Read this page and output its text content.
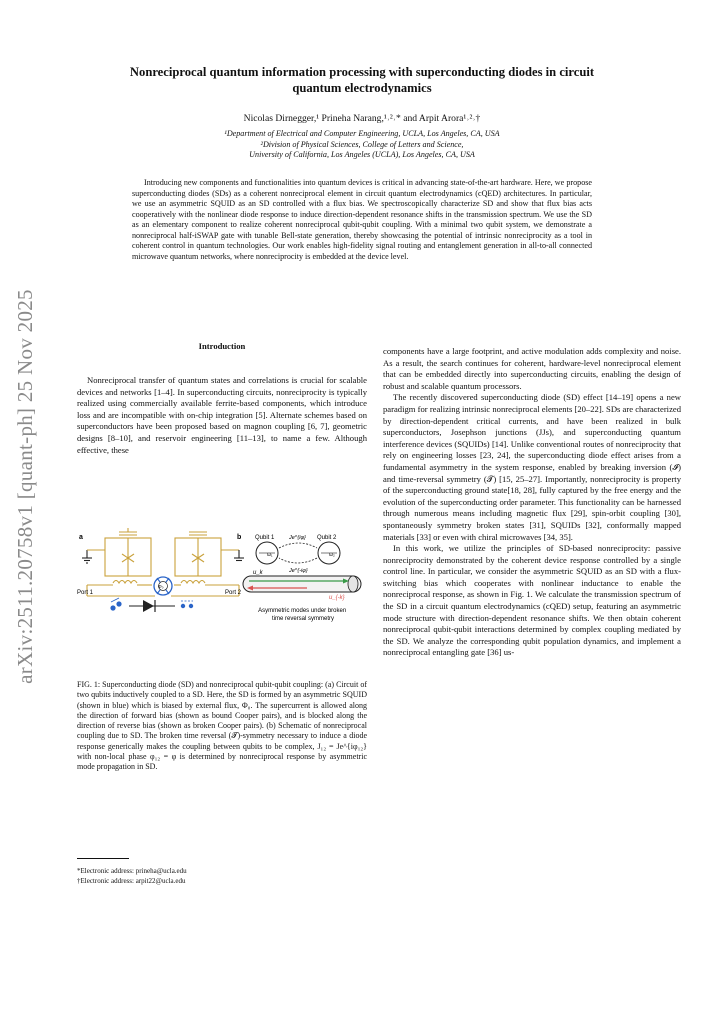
arXiv:2511.20758v1 [quant-ph] 25 Nov 2025
Nonreciprocal quantum information processing with superconducting diodes in circuit
quantum electrodynamics
Nicolas Dirnegger,¹ Prineha Narang,¹˒²˒* and Arpit Arora¹˒²˒†
¹Department of Electrical and Computer Engineering, UCLA, Los Angeles, CA, USA
²Division of Physical Sciences, College of Letters and Science,
University of California, Los Angeles (UCLA), Los Angeles, CA, USA
Introducing new components and functionalities into quantum devices is critical in advancing state-of-the-art hardware. Here, we propose superconducting diodes (SDs) as a coherent nonreciprocal element in circuit quantum electrodynamics (cQED) architectures. In particular, we use an asymmetric SQUID as an SD controlled with a flux bias. We spectroscopically characterize SD and show that flux bias acts cooperatively with the nonlinear diode response to induce direction-dependent resonance shifts in the transmission spectrum. We use the SD as an elementary component to realize coherent nonreciprocal qubit-qubit coupling. With a minimal two qubit system, we demonstrate a nonreciprocal half-iSWAP gate with tunable Bell-state generation, thereby showcasing the potential of intrinsic nonreciprocity as a tool in coherent control in quantum technologies. Our work enables high-fidelity signal routing and entanglement generation in all-to-all connected microwave quantum networks, where nonreciprocity is embedded at the device level.
Introduction

Nonreciprocal transfer of quantum states and correlations is crucial for scalable devices and networks [1–4]. In superconducting circuits, nonreciprocity is typically realized using commercially available ferrite-based components, which introduce loss and are incompatible with on-chip integration [5]. Alternate schemes based on superconductors have been proposed based on magnon coupling [6, 7], geometric designs [8–10], and reservoir engineering [11–13], to name a few. Although effective, these

components have a large footprint, and active modulation adds complexity and noise. As a result, the search continues for coherent, hardware-level nonreciprocal element that can be embedded directly into superconducting circuits, enabling the design of robust and scalable quantum processors.

The recently discovered superconducting diode (SD) effect [14–19] opens a new paradigm for realizing intrinsic nonreciprocal elements [20–22]. SDs are characterized by direction-dependent critical currents, and have been realized in bulk superconductors, Josephson junctions (JJs), and superconducting quantum interference devices (SQUIDs) [14]. Unlike conventional routes of nonreciprocity that rely on engineering losses [23, 24], the superconducting diode effect arises from a fundamental asymmetry in the system response, enabled by breaking inversion (𝓘) and time-reversal symmetry (𝓣) [15, 25–27]. Importantly, nonreciprocity is property of the superconducting ground state[18, 28], fully captured by the free energy and the evolution of the superconducting order parameter. This functionality can be harnessed through numerous means including magnetic flux [29], spin-orbit coupling [30], spontaneously symmetry broken states [31], SQUIDs [32], conformally mapped materials [33] or even with chiral microwaves [34, 35].

In this work, we utilize the principles of SD-based nonreciprocity: passive nonreciprocity demonstrated by the coherent device response controlled by a single control line. In particular, we consider the asymmetric SQUID as an SD with a flux-switching bias which cooperates with nonlinear inductance to enable the nonreciprocal response, as shown in Fig. 1. We calculate the transmission spectrum of the SD in a circuit quantum electrodynamics (cQED) setup, featuring an asymmetric mode structure with direction-dependent resonance shifts. We then obtain coherent nonreciprocal qubit-qubit interactions determined by complex coupling mediated by the SD. We analyze the corresponding qubit population dynamics, and implement a nonreciprocal entangling gate [36] us-

a
Φ₀
Port 1	Port 2
b Qubit 1	Qubit 2
Je^{iφ}
ω₁	ω₂
Je^{-iφ}
u_k
u_{-k}
Asymmetric modes under broken time reversal symmetry
FIG. 1: Superconducting diode (SD) and nonreciprocal qubit-qubit coupling: (a) Circuit of two qubits inductively coupled to a SD. Here, the SD is formed by an asymmetric SQUID (shown in blue) which is biased by external flux, Φ₀. The supercurrent is allowed along the direction of forward bias (shown as bound Cooper pairs), and is blocked along the direction of reverse bias (shown as broken Cooper pairs). (b) Schematic of nonreciprocal coupling due to SD. The broken time reversal (𝓣)-symmetry necessary to induce a diode response generically makes the coupling between qubits to be complex, J₁₂ = Je^{iφ₁₂} with non-local phase φ₁₂ = φ is determined by nonreciprocal response by asymmetric mode propagation in SD.
*Electronic address: prineha@ucla.edu
†Electronic address: arpit22@ucla.edu
